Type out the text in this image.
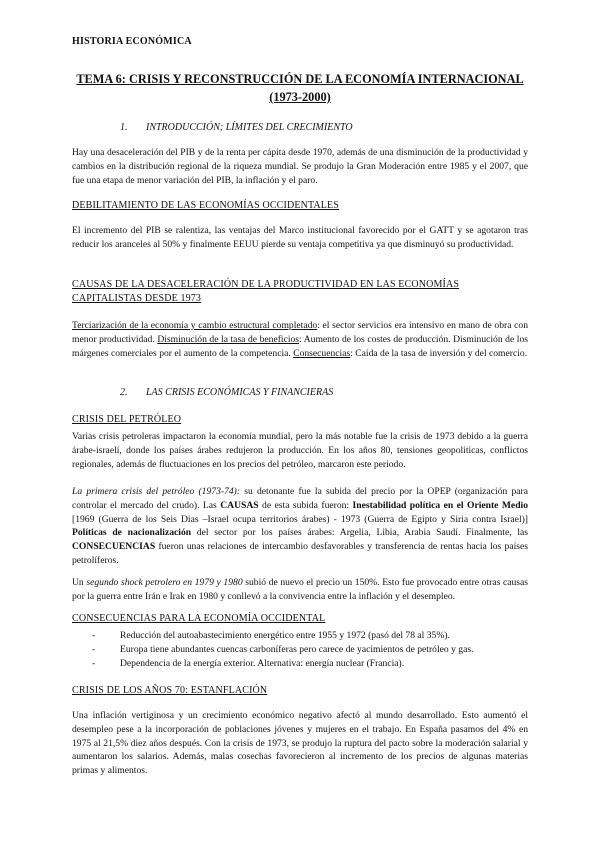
HISTORIA ECONÓMICA
TEMA 6: CRISIS Y RECONSTRUCCIÓN DE LA ECONOMÍA INTERNACIONAL
(1973-2000)
1. INTRODUCCIÓN; LÍMITES DEL CRECIMIENTO
Hay una desaceleración del PIB y de la renta per cápita desde 1970, además de una disminución de la productividad y cambios en la distribución regional de la riqueza mundial. Se produjo la Gran Moderación entre 1985 y el 2007, que fue una etapa de menor variación del PIB, la inflación y el paro.
DEBILITAMIENTO DE LAS ECONOMÍAS OCCIDENTALES
El incremento del PIB se ralentiza, las ventajas del Marco institucional favorecido por el GATT y se agotaron tras reducir los aranceles al 50% y finalmente EEUU pierde su ventaja competitiva ya que disminuyó su productividad.
CAUSAS DE LA DESACELERACIÓN DE LA PRODUCTIVIDAD EN LAS ECONOMÍAS CAPITALISTAS DESDE 1973
Terciarización de la economía y cambio estructural completado: el sector servicios era intensivo en mano de obra con menor productividad. Disminución de la tasa de beneficios: Aumento de los costes de producción. Disminución de los márgenes comerciales por el aumento de la competencia. Consecuencias: Caída de la tasa de inversión y del comercio.
2. LAS CRISIS ECONÓMICAS Y FINANCIERAS
CRISIS DEL PETRÓLEO
Varias crisis petroleras impactaron la economía mundial, pero la más notable fue la crisis de 1973 debido a la guerra árabe-israelí, donde los países árabes redujeron la producción. En los años 80, tensiones geopolíticas, conflictos regionales, además de fluctuaciones en los precios del petróleo, marcaron este periodo.
La primera crisis del petróleo (1973-74): su detonante fue la subida del precio por la OPEP (organización para controlar el mercado del crudo). Las CAUSAS de esta subida fueron: Inestabilidad política en el Oriente Medio [1969 (Guerra de los Seis Días –Israel ocupa territorios árabes) - 1973 (Guerra de Egipto y Siria contra Israel)] Políticas de nacionalización del sector por los países árabes: Argelia, Libia, Arabia Saudí. Finalmente, las CONSECUENCIAS fueron unas relaciones de intercambio desfavorables y transferencia de rentas hacia los países petrolíferos.
Un segundo shock petrolero en 1979 y 1980 subió de nuevo el precio un 150%. Esto fue provocado entre otras causas por la guerra entre Irán e Irak en 1980 y conllevó a la convivencia entre la inflación y el desempleo.
CONSECUENCIAS PARA LA ECONOMÍA OCCIDENTAL
-	Reducción del autoabastecimiento energético entre 1955 y 1972 (pasó del 78 al 35%).
-	Europa tiene abundantes cuencas carboníferas pero carece de yacimientos de petróleo y gas.
-	Dependencia de la energía exterior. Alternativa: energía nuclear (Francia).
CRISIS DE LOS AÑOS 70: ESTANFLACIÓN
Una inflación vertiginosa y un crecimiento económico negativo afectó al mundo desarrollado. Esto aumentó el desempleo pese a la incorporación de poblaciones jóvenes y mujeres en el trabajo. En España pasamos del 4% en 1975 al 21,5% diez años después. Con la crisis de 1973, se produjo la ruptura del pacto sobre la moderación salarial y aumentaron los salarios. Además, malas cosechas favorecieron al incremento de los precios de algunas materias primas y alimentos.
